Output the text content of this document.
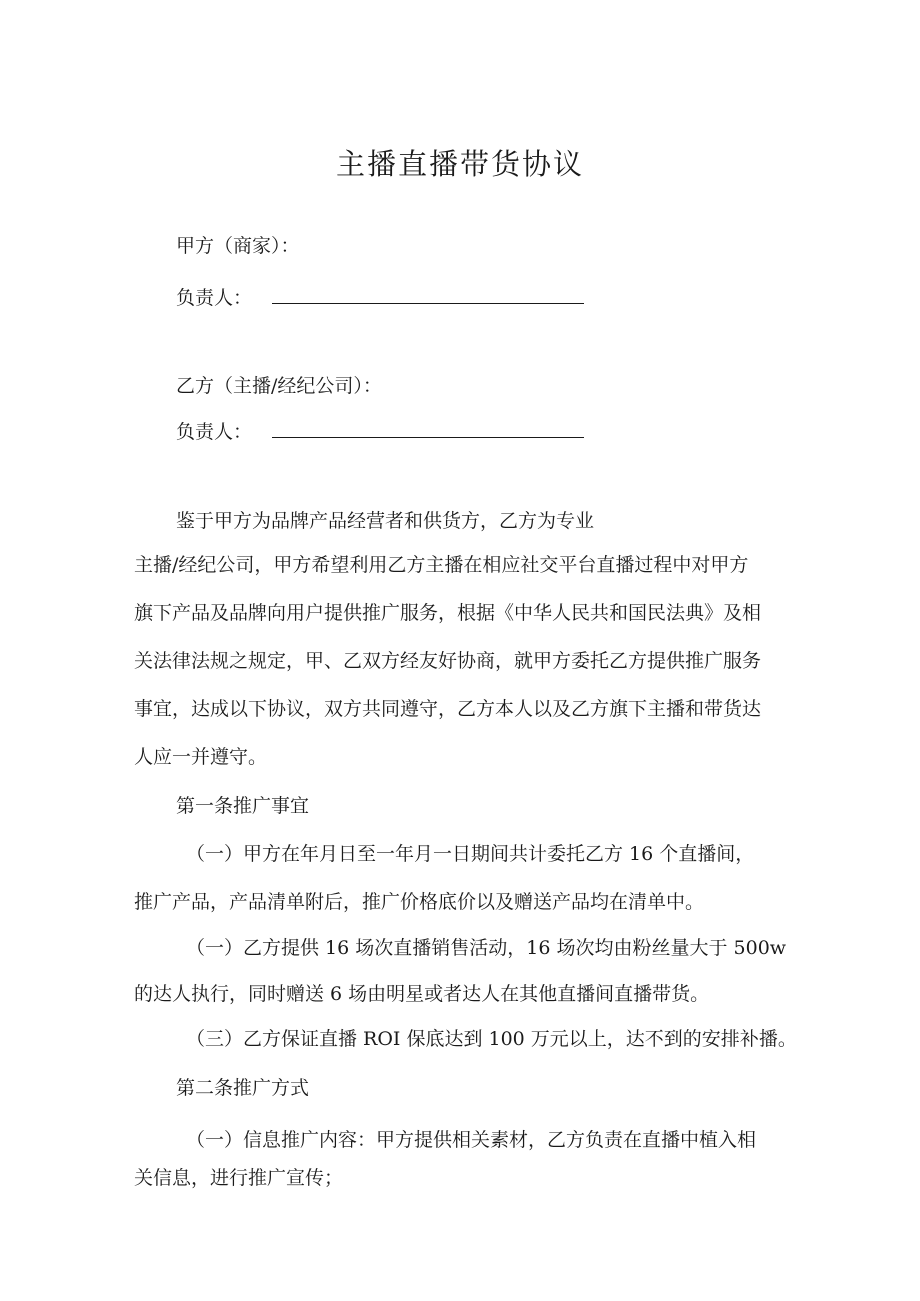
主播直播带货协议

甲方（商家）：

负责人：

乙方（主播/经纪公司）：

负责人：

鉴于甲方为品牌产品经营者和供货方，乙方为专业

主播/经纪公司，甲方希望利用乙方主播在相应社交平台直播过程中对甲方

旗下产品及品牌向用户提供推广服务，根据《中华人民共和国民法典》及相

关法律法规之规定，甲、乙双方经友好协商，就甲方委托乙方提供推广服务

事宜，达成以下协议，双方共同遵守，乙方本人以及乙方旗下主播和带货达

人应一并遵守。

第一条推广事宜

（一）甲方在年月日至一年月一日期间共计委托乙方 16 个直播间，

推广产品，产品清单附后，推广价格底价以及赠送产品均在清单中。

（一）乙方提供 16 场次直播销售活动，16 场次均由粉丝量大于 500w

的达人执行，同时赠送 6 场由明星或者达人在其他直播间直播带货。

（三）乙方保证直播 ROI 保底达到 100 万元以上，达不到的安排补播。

第二条推广方式

（一）信息推广内容：甲方提供相关素材，乙方负责在直播中植入相

关信息，进行推广宣传；
